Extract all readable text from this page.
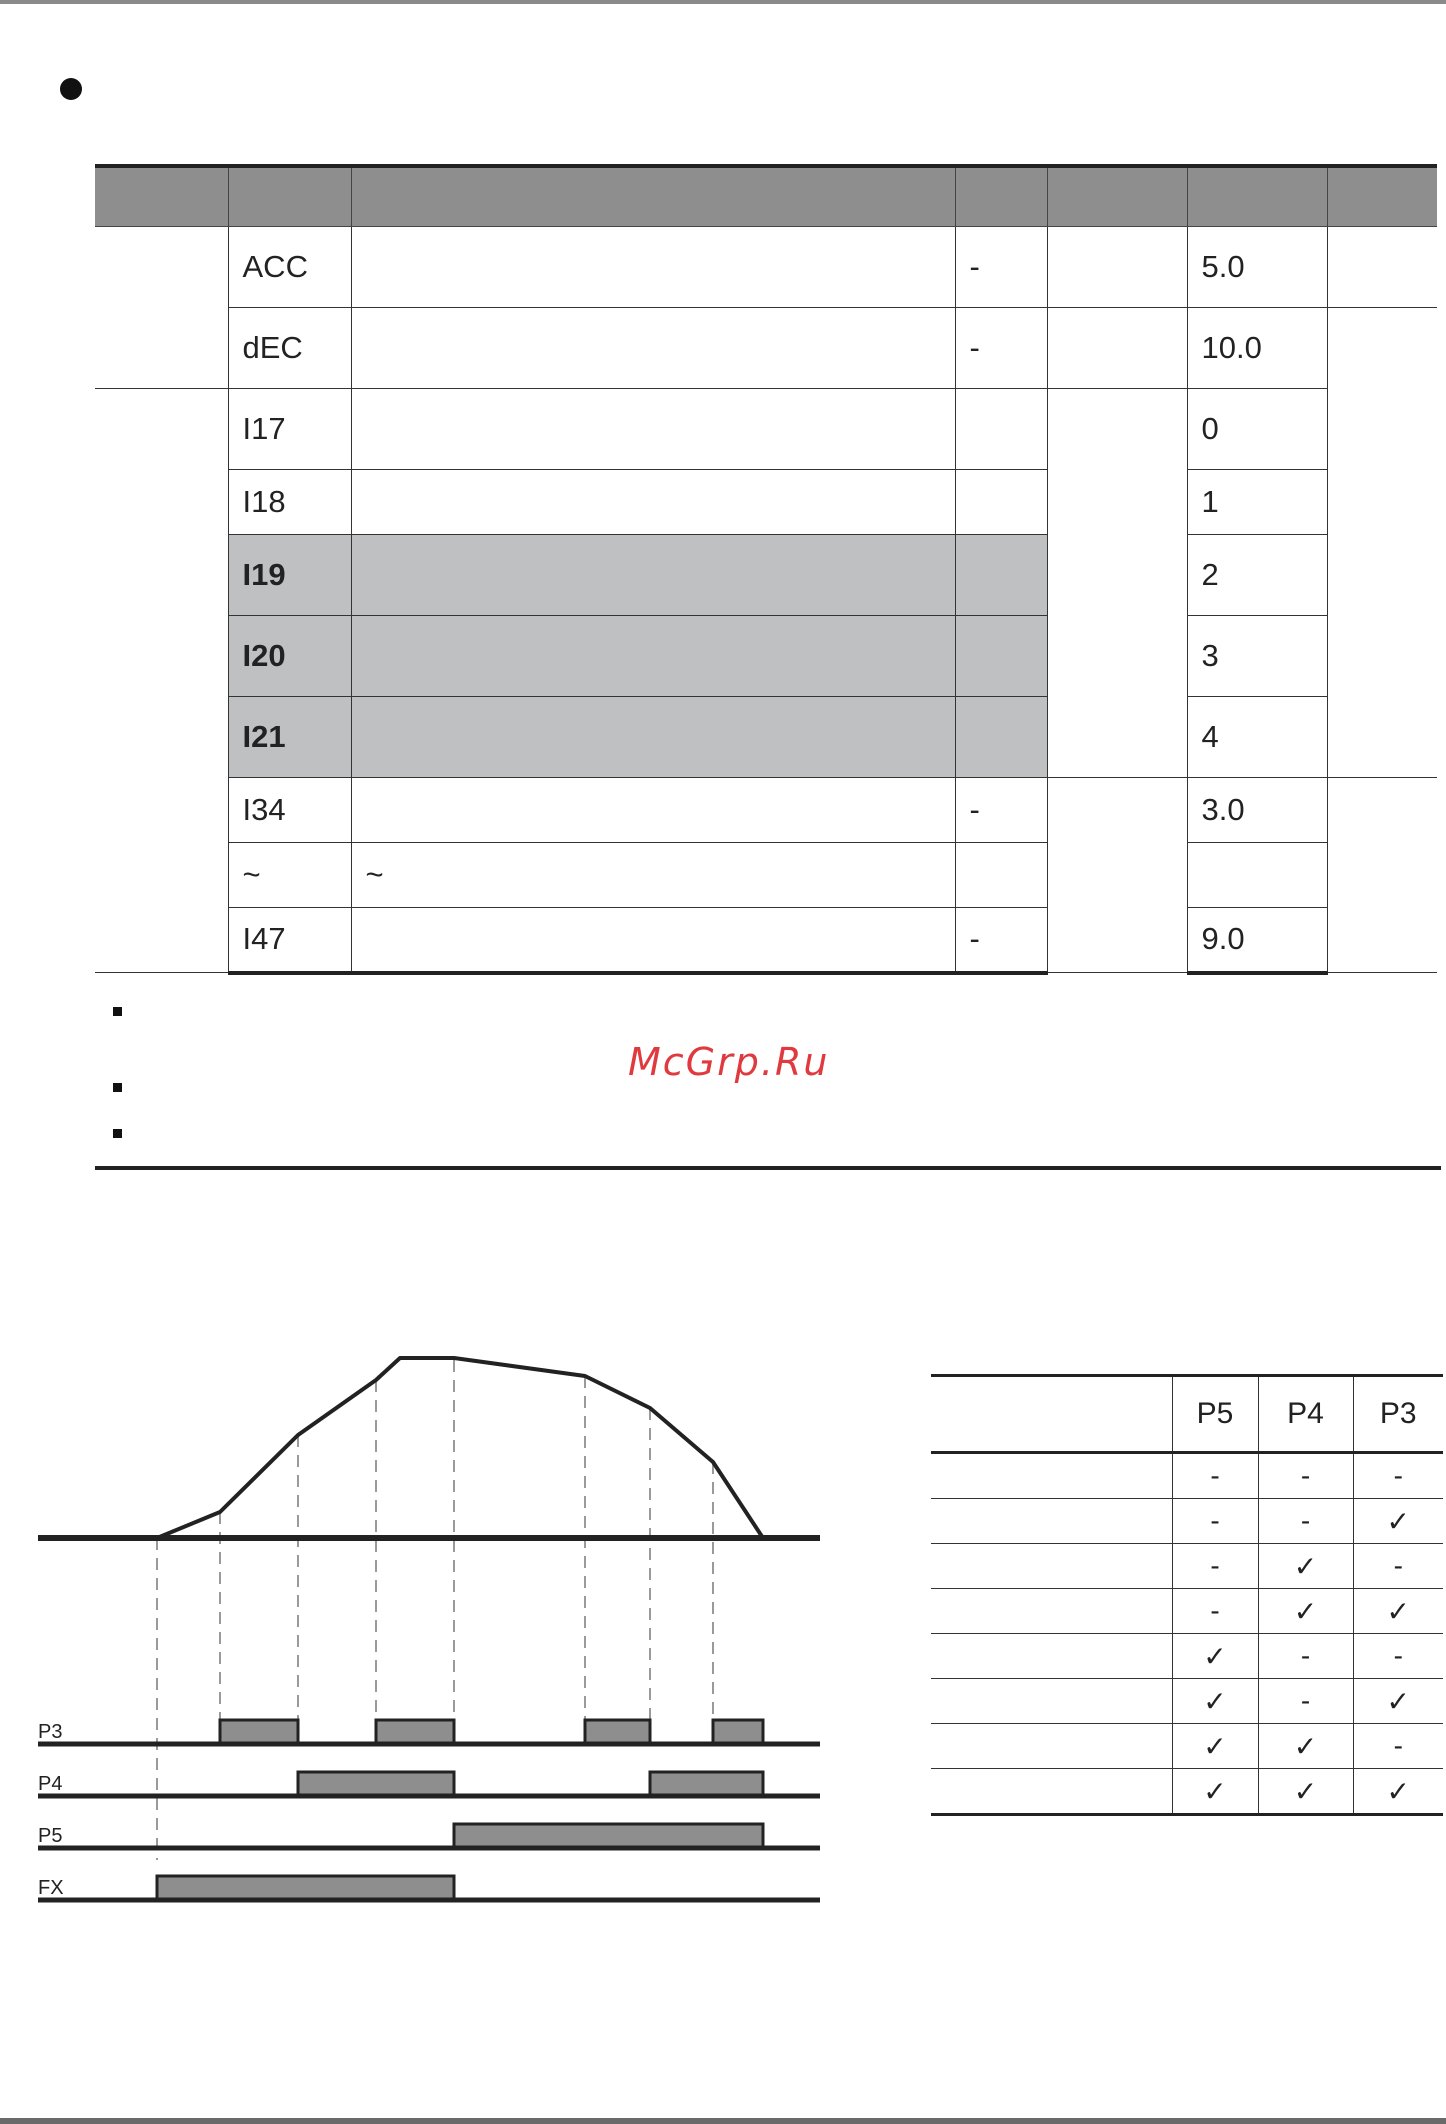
	ACC		-		5.0	
	dEC		-		10.0	
	I17				0	
	I18				1	
	I19				2	
	I20				3	
	I21				4	
	I34		-		3.0	
	~	~				
	I47		-		9.0	
McGrp.Ru
P3
P4
P5
FX
	P5	P4	P3
	-	-	-
	-	-	✓
	-	✓	-
	-	✓	✓
	✓	-	-
	✓	-	✓
	✓	✓	-
	✓	✓	✓
